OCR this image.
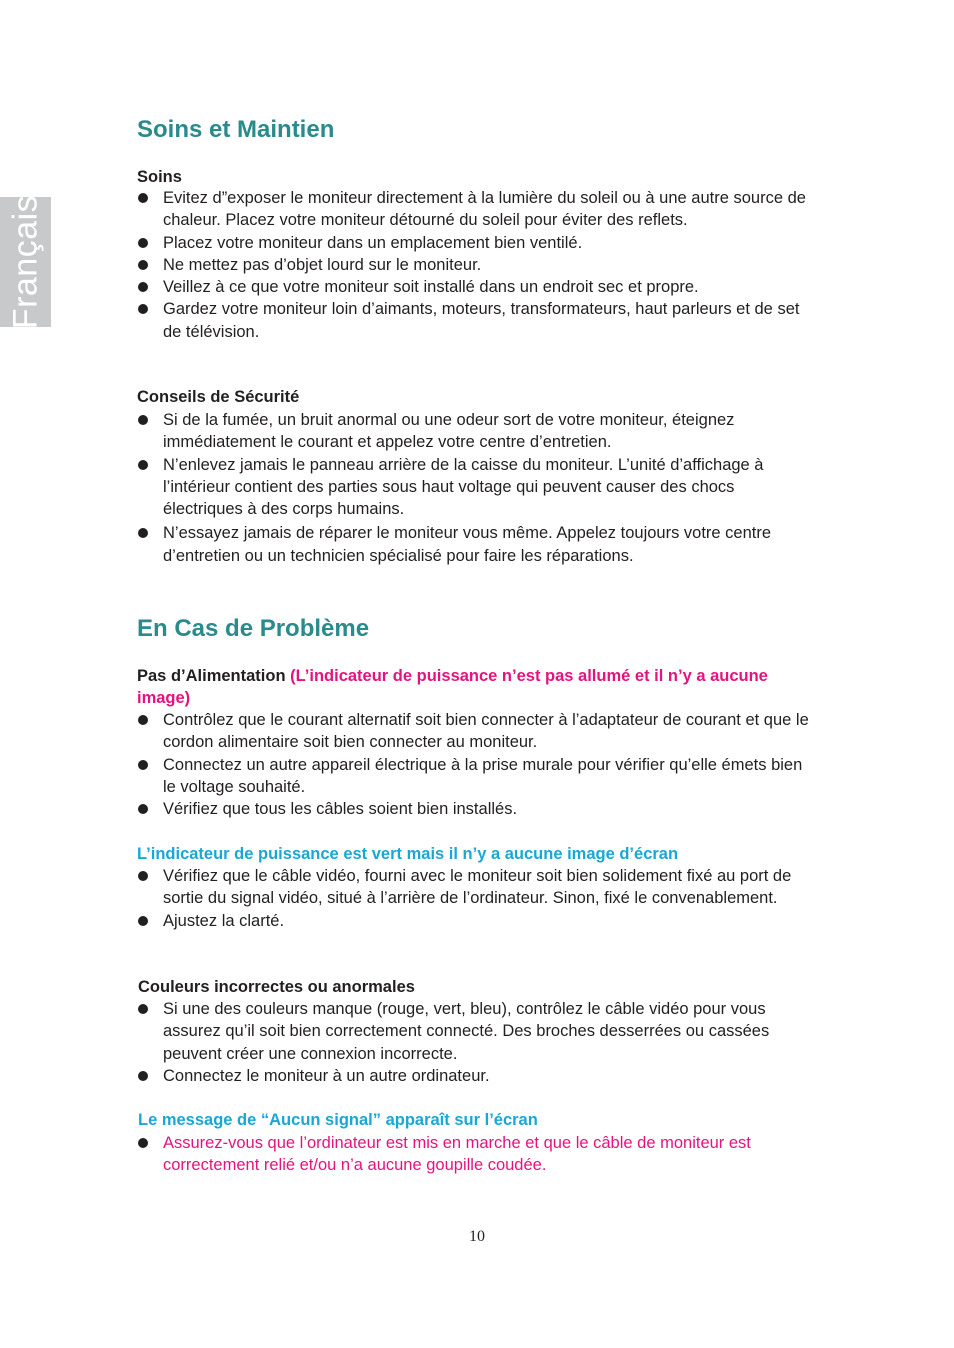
Français
Soins et Maintien
Soins
Evitez d”exposer le moniteur directement à la lumière du soleil ou à une autre source de chaleur. Placez votre moniteur détourné du soleil pour éviter des reflets.
Placez votre moniteur dans un emplacement bien ventilé.
Ne mettez pas d’objet lourd sur le moniteur.
Veillez à ce que votre moniteur soit installé dans un endroit sec et propre.
Gardez votre moniteur loin d’aimants, moteurs, transformateurs, haut parleurs et de set de télévision.
Conseils de Sécurité
Si de la fumée, un bruit anormal ou une odeur sort de votre moniteur, éteignez immédiatement le courant et appelez votre centre d’entretien.
N’enlevez jamais le panneau arrière de la caisse du moniteur. L’unité d’affichage à l’intérieur contient des parties sous haut voltage qui peuvent causer des chocs électriques à des corps humains.
N’essayez jamais de réparer le moniteur vous même. Appelez toujours votre centre d’entretien ou un technicien spécialisé pour faire les réparations.
En Cas de Problème
Pas d’Alimentation (L’indicateur de puissance n’est pas allumé et il n’y a aucune image)
Contrôlez que le courant alternatif soit bien connecter à l’adaptateur de courant et que le cordon alimentaire soit bien connecter au moniteur.
Connectez un autre appareil électrique à la prise murale pour vérifier qu’elle émets bien le voltage souhaité.
Vérifiez que tous les câbles soient bien installés.
L’indicateur de puissance est vert mais il n’y a aucune image d’écran
Vérifiez que le câble vidéo, fourni avec le moniteur soit bien solidement fixé au port de sortie du signal vidéo, situé à l’arrière de l’ordinateur. Sinon, fixé le convenablement.
Ajustez la clarté.
Couleurs incorrectes ou anormales
Si une des couleurs manque (rouge, vert, bleu), contrôlez le câble vidéo pour vous assurez qu’il soit bien correctement connecté. Des broches desserrées ou cassées peuvent créer une connexion incorrecte.
Connectez le moniteur à un autre ordinateur.
Le message de “Aucun signal” apparaît sur l’écran
Assurez-vous que l’ordinateur est mis en marche et que le câble de moniteur est correctement relié et/ou n’a aucune goupille coudée.
10
